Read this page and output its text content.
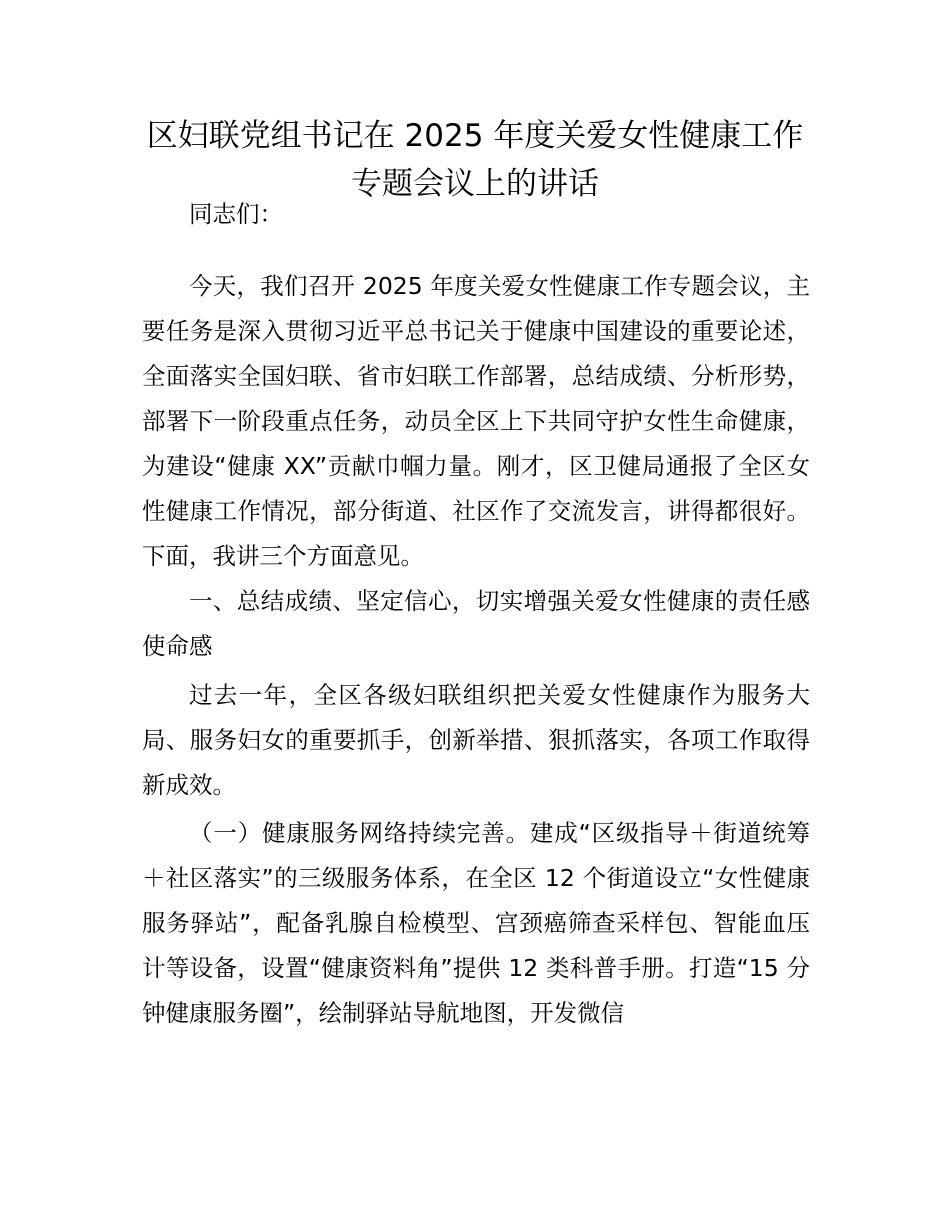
区妇联党组书记在 2025 年度关爱女性健康工作专题会议上的讲话

同志们：

今天，我们召开 2025 年度关爱女性健康工作专题会议，主要任务是深入贯彻习近平总书记关于健康中国建设的重要论述，全面落实全国妇联、省市妇联工作部署，总结成绩、分析形势，部署下一阶段重点任务，动员全区上下共同守护女性生命健康，为建设“健康 XX”贡献巾帼力量。刚才，区卫健局通报了全区女性健康工作情况，部分街道、社区作了交流发言，讲得都很好。下面，我讲三个方面意见。

一、总结成绩、坚定信心，切实增强关爱女性健康的责任感使命感

过去一年，全区各级妇联组织把关爱女性健康作为服务大局、服务妇女的重要抓手，创新举措、狠抓落实，各项工作取得新成效。

（一）健康服务网络持续完善。建成“区级指导＋街道统筹＋社区落实”的三级服务体系，在全区 12 个街道设立“女性健康服务驿站”，配备乳腺自检模型、宫颈癌筛查采样包、智能血压计等设备，设置“健康资料角”提供 12 类科普手册。打造“15 分钟健康服务圈”，绘制驿站导航地图，开发微信
